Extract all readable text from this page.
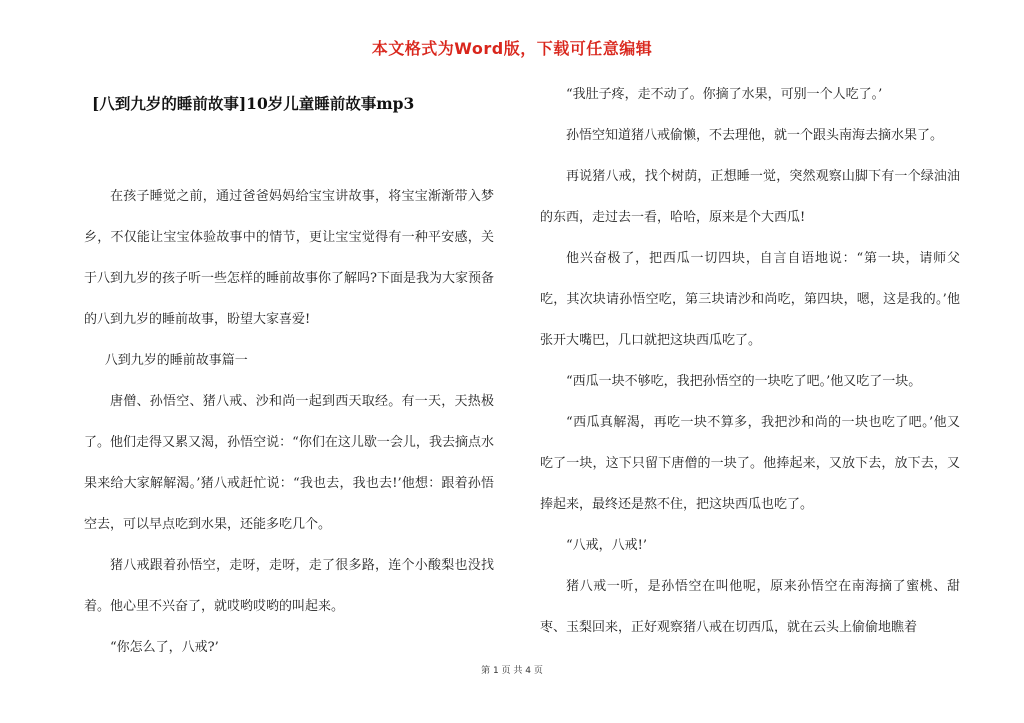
本文格式为Word版，下载可任意编辑
[八到九岁的睡前故事]10岁儿童睡前故事mp3

在孩子睡觉之前，通过爸爸妈妈给宝宝讲故事，将宝宝渐渐带入梦乡，不仅能让宝宝体验故事中的情节，更让宝宝觉得有一种平安感，关于八到九岁的孩子听一些怎样的睡前故事你了解吗?下面是我为大家预备的八到九岁的睡前故事，盼望大家喜爱!

八到九岁的睡前故事篇一

唐僧、孙悟空、猪八戒、沙和尚一起到西天取经。有一天，天热极了。他们走得又累又渴，孙悟空说：“你们在这儿歇一会儿，我去摘点水果来给大家解解渴。’猪八戒赶忙说：“我也去，我也去!’他想：跟着孙悟空去，可以早点吃到水果，还能多吃几个。

猪八戒跟着孙悟空，走呀，走呀，走了很多路，连个小酸梨也没找着。他心里不兴奋了，就哎哟哎哟的叫起来。

“你怎么了，八戒?’

“我肚子疼，走不动了。你摘了水果，可别一个人吃了。’

孙悟空知道猪八戒偷懒，不去理他，就一个跟头南海去摘水果了。

再说猪八戒，找个树荫，正想睡一觉，突然观察山脚下有一个绿油油的东西，走过去一看，哈哈，原来是个大西瓜!

他兴奋极了，把西瓜一切四块，自言自语地说：“第一块，请师父吃，其次块请孙悟空吃，第三块请沙和尚吃，第四块，嗯，这是我的。’他张开大嘴巴，几口就把这块西瓜吃了。

“西瓜一块不够吃，我把孙悟空的一块吃了吧。’他又吃了一块。

“西瓜真解渴，再吃一块不算多，我把沙和尚的一块也吃了吧。’他又吃了一块，这下只留下唐僧的一块了。他捧起来，又放下去，放下去，又捧起来，最终还是熬不住，把这块西瓜也吃了。

“八戒，八戒!’

猪八戒一听，是孙悟空在叫他呢，原来孙悟空在南海摘了蜜桃、甜枣、玉梨回来，正好观察猪八戒在切西瓜，就在云头上偷偷地瞧着

第 1 页 共 4 页
